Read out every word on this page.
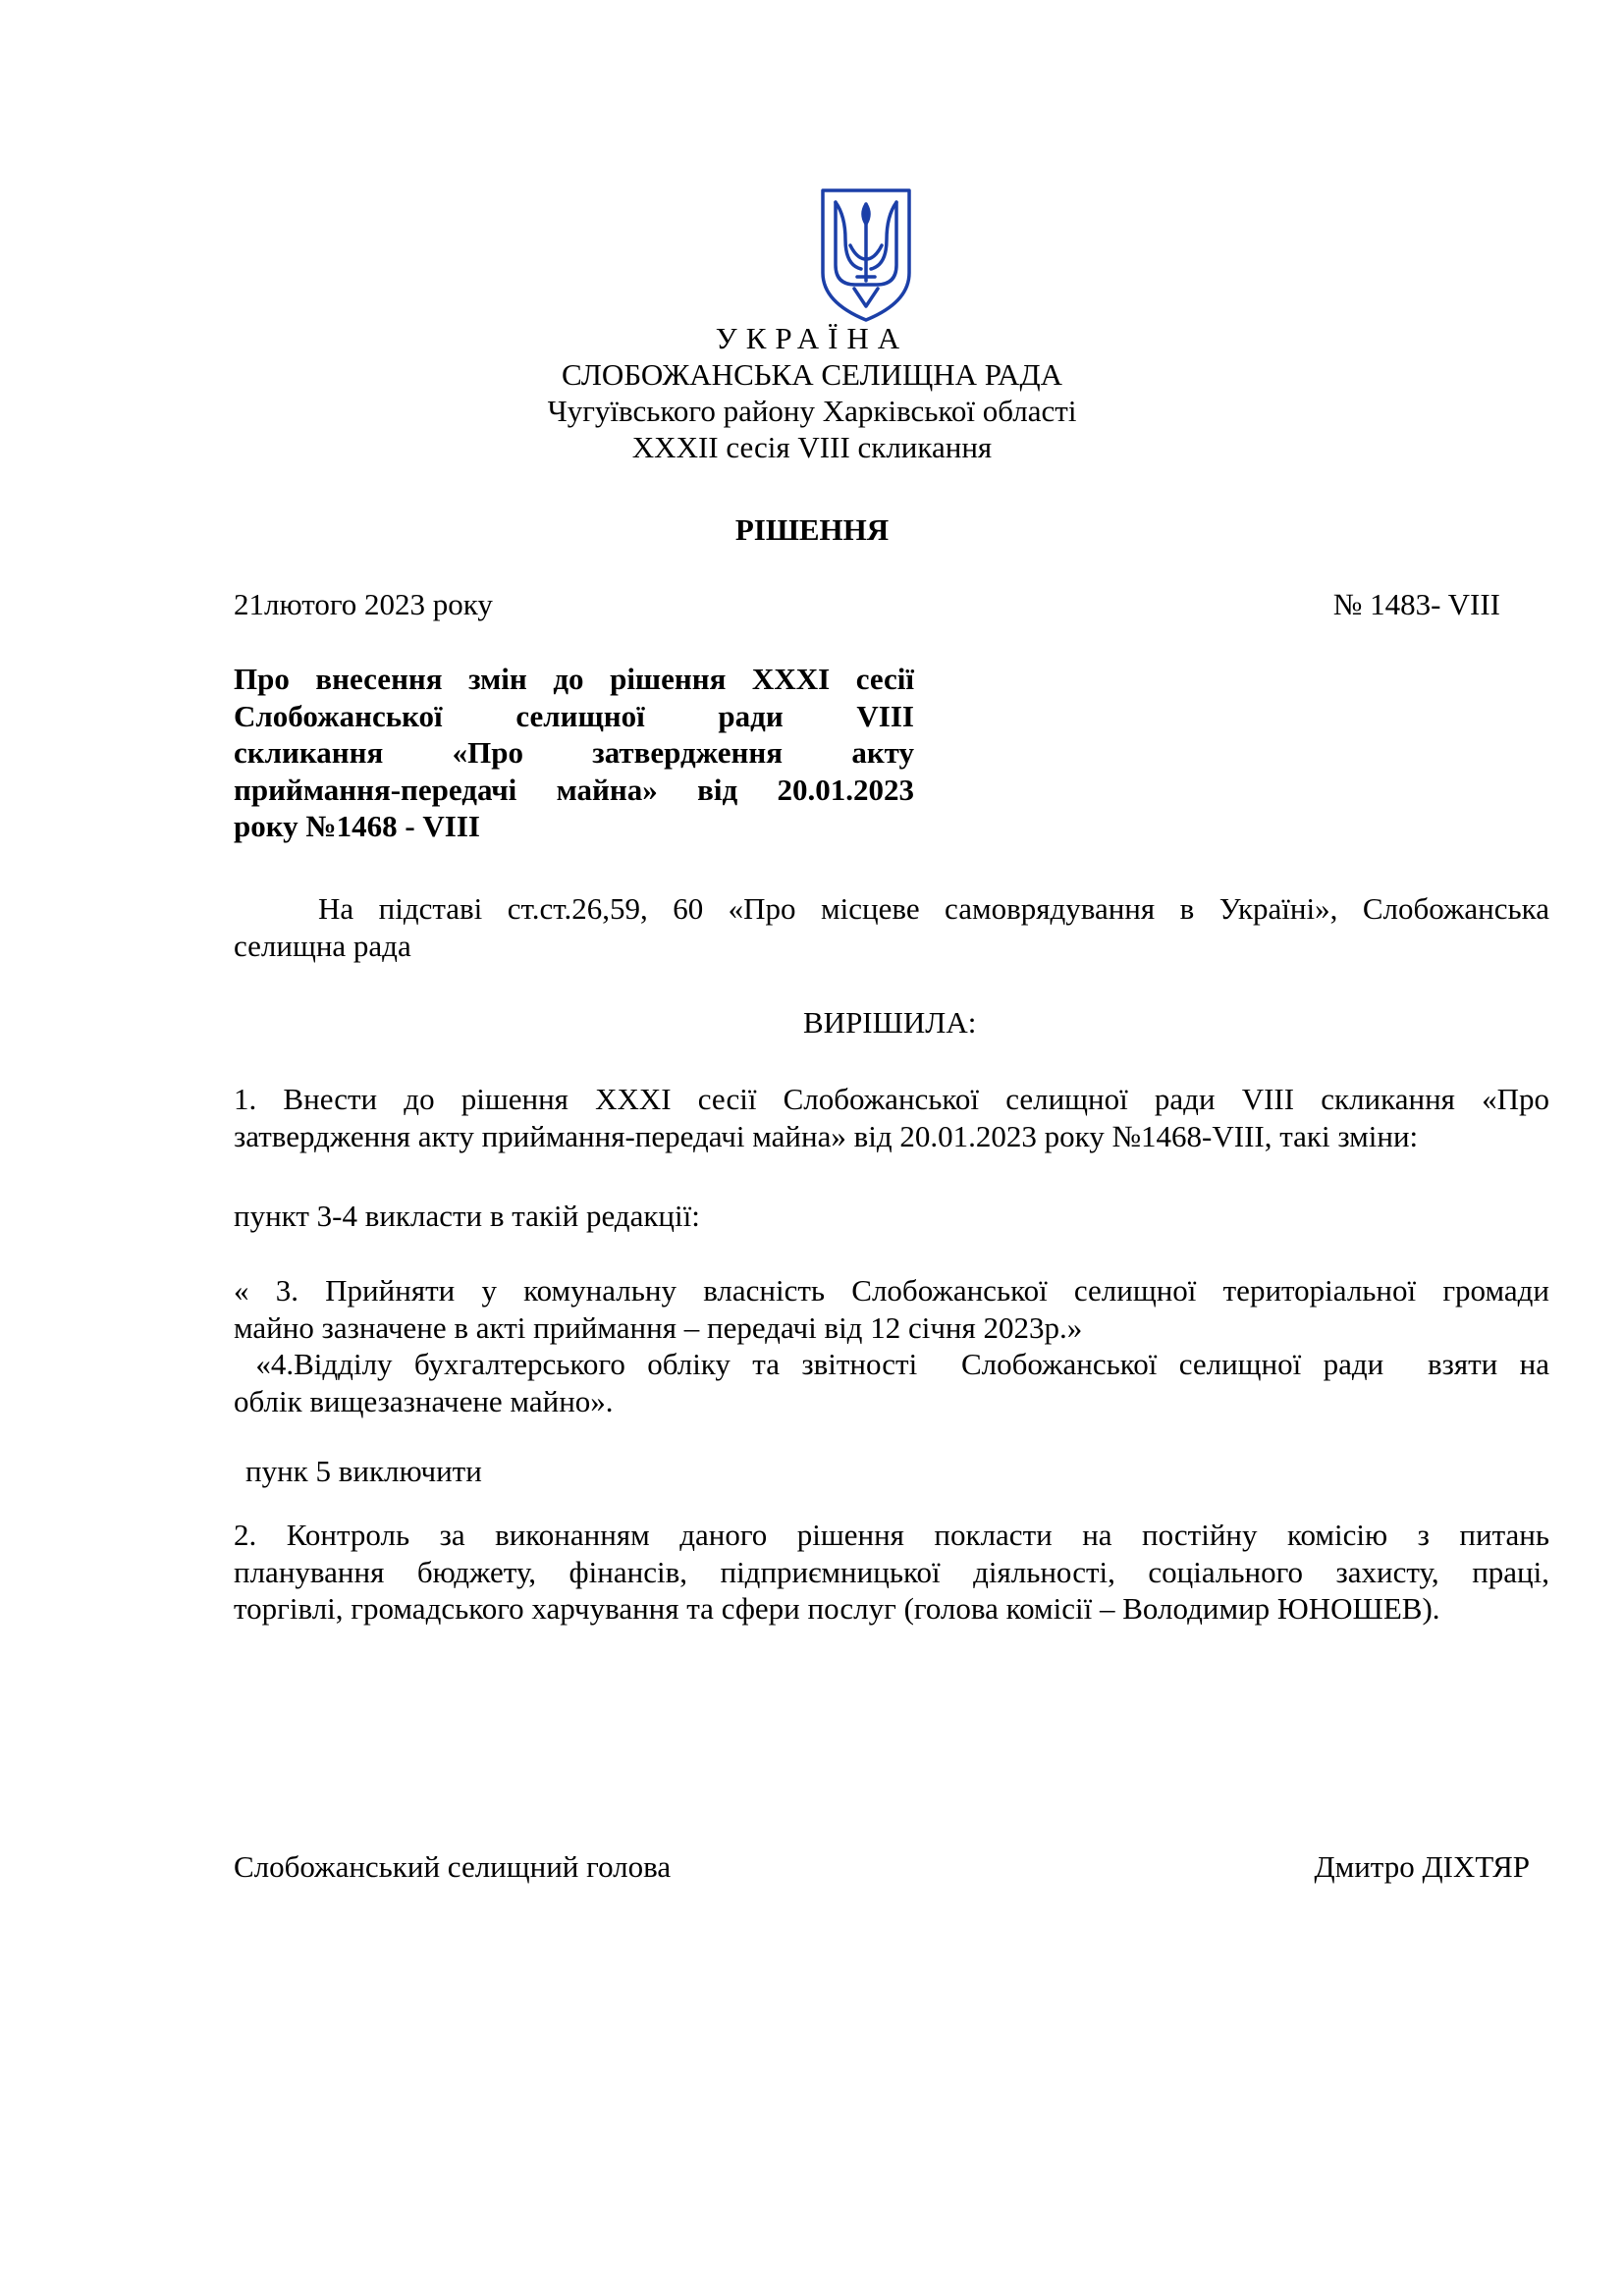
УКРАЇНА
СЛОБОЖАНСЬКА СЕЛИЩНА РАДА
Чугуївського району Харківської області
XXXII сесія VIII скликання
РІШЕННЯ
21лютого 2023 року	№ 1483- VIII
Про внесення змін до рішення XXXI сесії
Слобожанської селищної ради VIII
скликання «Про затвердження акту
приймання-передачі майна» від 20.01.2023
року №1468 - VIII
На підставі ст.ст.26,59, 60 «Про місцеве самоврядування в Україні», Слобожанська
селищна рада
ВИРІШИЛА:
1. Внести до рішення XXXI сесії Слобожанської селищної ради VIII скликання «Про
затвердження акту приймання-передачі майна» від 20.01.2023 року №1468-VIII, такі зміни:
пункт 3-4 викласти в такій редакції:
« 3. Прийняти у комунальну власність Слобожанської селищної територіальної громади
майно зазначене в акті приймання – передачі від 12 січня 2023р.»
«4.Відділу бухгалтерського обліку та звітності  Слобожанської селищної ради  взяти на
облік вищезазначене майно».
пунк 5 виключити
2. Контроль за виконанням даного рішення покласти на постійну комісію з питань
планування бюджету, фінансів, підприємницької діяльності, соціального захисту, праці,
торгівлі, громадського харчування та сфери послуг (голова комісії – Володимир ЮНОШЕВ).
Слобожанський селищний голова	Дмитро ДІХТЯР
